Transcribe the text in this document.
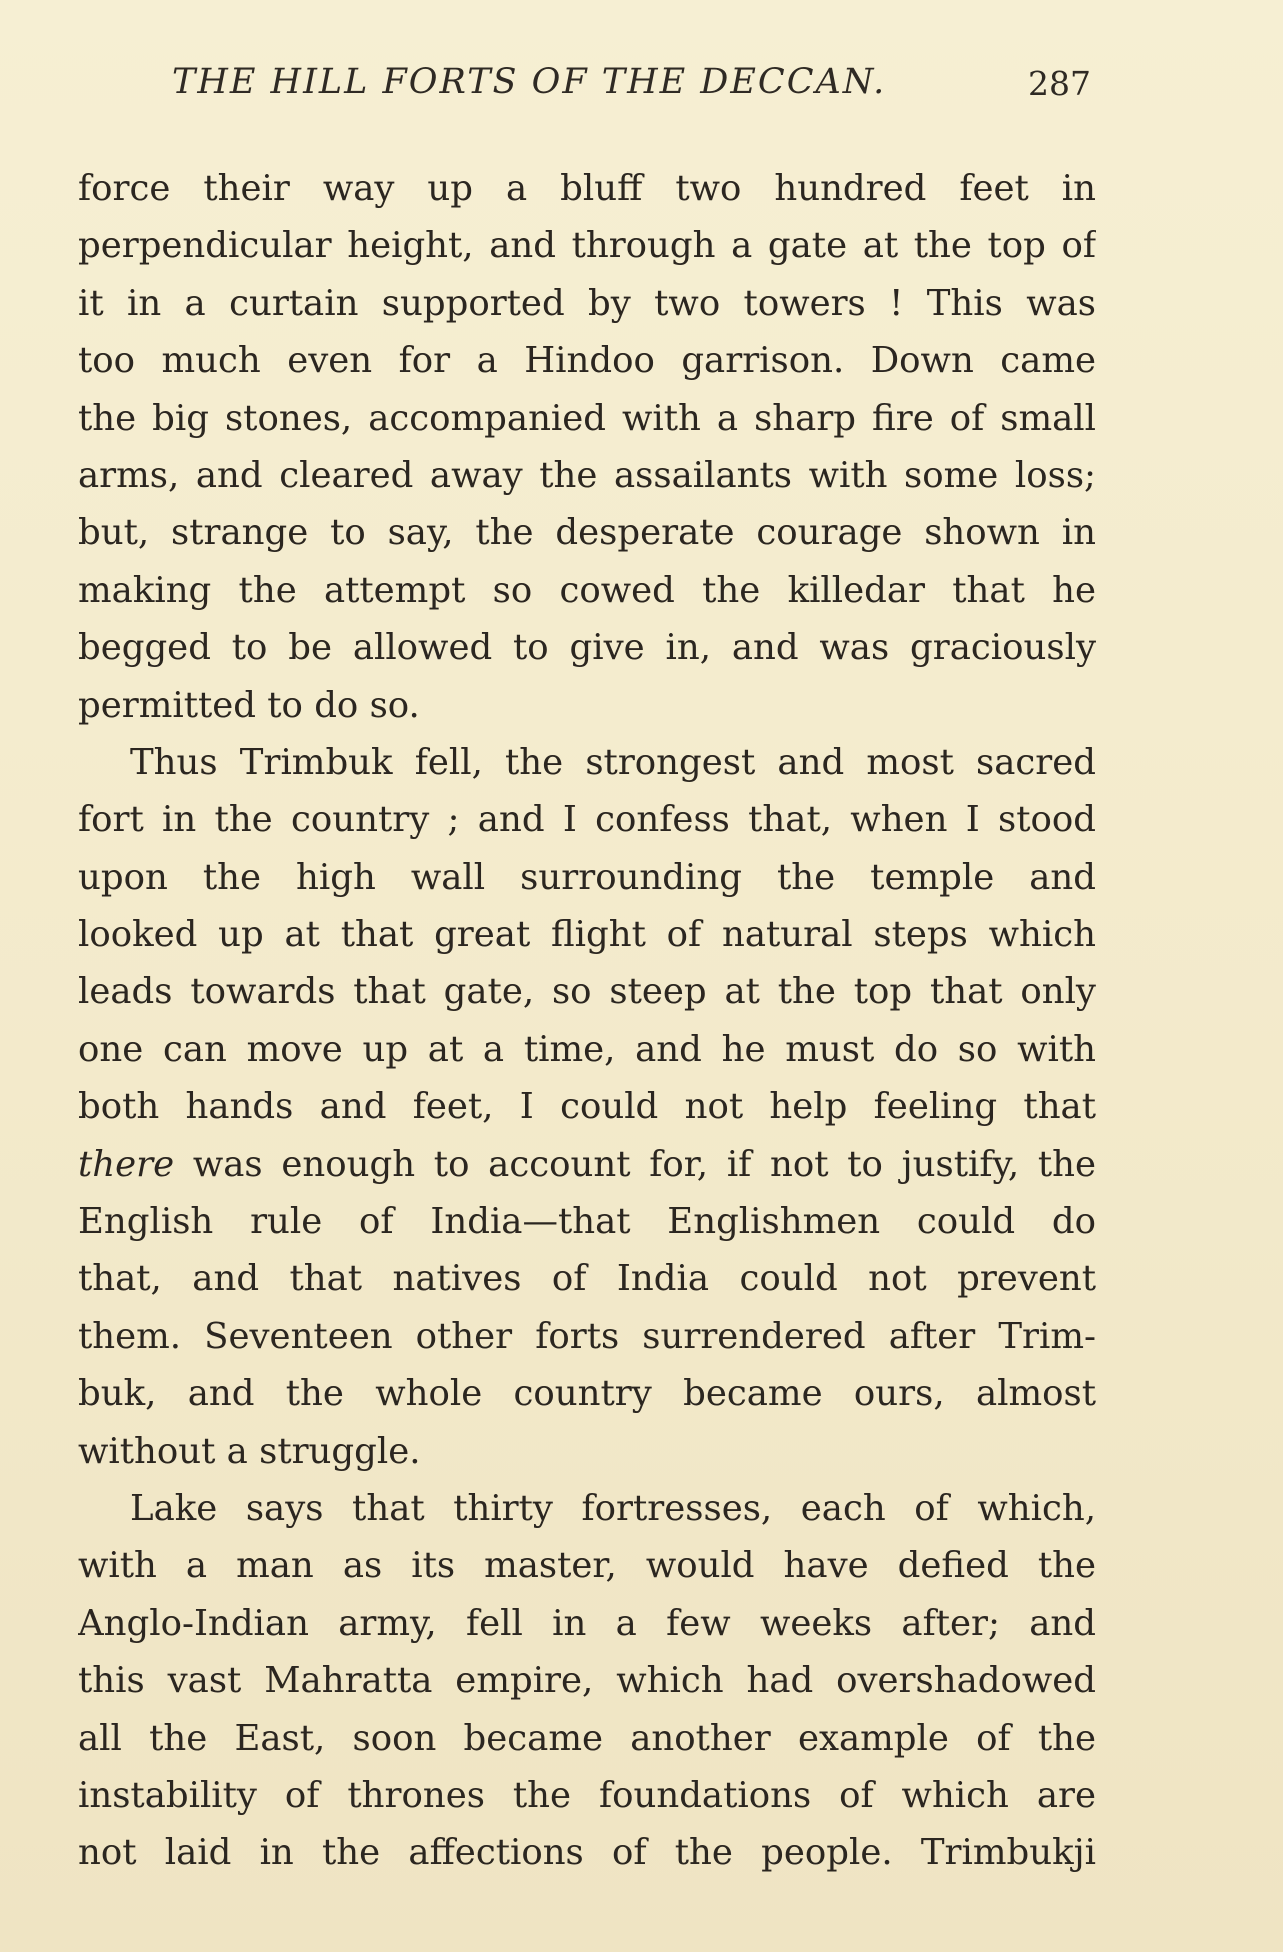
THE HILL FORTS OF THE DECCAN.	287
force their way up a bluff two hundred feet in
perpendicular height, and through a gate at the top of
it in a curtain supported by two towers ! This was
too much even for a Hindoo garrison. Down came
the big stones, accompanied with a sharp fire of small
arms, and cleared away the assailants with some loss;
but, strange to say, the desperate courage shown in
making the attempt so cowed the killedar that he
begged to be allowed to give in, and was graciously
permitted to do so.
Thus Trimbuk fell, the strongest and most sacred
fort in the country ; and I confess that, when I stood
upon the high wall surrounding the temple and
looked up at that great flight of natural steps which
leads towards that gate, so steep at the top that only
one can move up at a time, and he must do so with
both hands and feet, I could not help feeling that
there was enough to account for, if not to justify, the
English rule of India—that Englishmen could do
that, and that natives of India could not prevent
them. Seventeen other forts surrendered after Trim-
buk, and the whole country became ours, almost
without a struggle.
Lake says that thirty fortresses, each of which,
with a man as its master, would have defied the
Anglo-Indian army, fell in a few weeks after; and
this vast Mahratta empire, which had overshadowed
all the East, soon became another example of the
instability of thrones the foundations of which are
not laid in the affections of the people. Trimbukji
